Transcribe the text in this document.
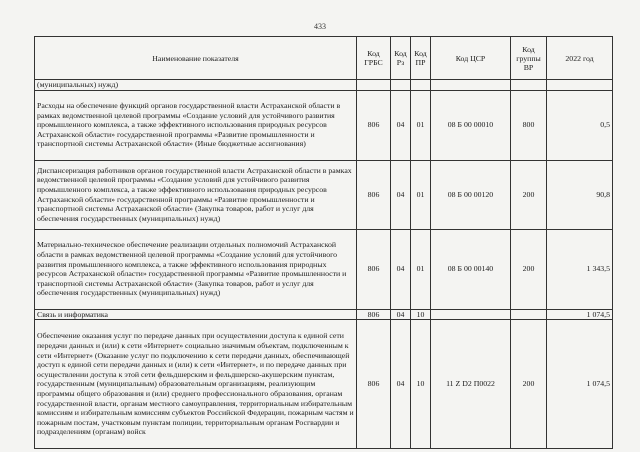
433
Наименование показателя	Код ГРБС	Код Рз	Код ПР	Код ЦСР	Код группы ВР	2022 год
(муниципальных) нужд)						
Расходы на обеспечение функций органов государственной власти Астраханской области в рамках ведомственной целевой программы «Создание условий для устойчивого развития промышленного комплекса, а также эффективного использования природных ресурсов Астраханской области» государственной программы «Развитие промышленности и транспортной системы Астраханской области» (Иные бюджетные ассигнования)	806	04	01	08 Б 00 00010	800	0,5
Диспансеризация работников органов государственной власти Астраханской области в рамках ведомственной целевой программы «Создание условий для устойчивого развития промышленного комплекса, а также эффективного использования природных ресурсов Астраханской области» государственной программы «Развитие промышленности и транспортной системы Астраханской области» (Закупка товаров, работ и услуг для обеспечения государственных (муниципальных) нужд)	806	04	01	08 Б 00 00120	200	90,8
Материально-техническое обеспечение реализации отдельных полномочий Астраханской области в рамках ведомственной целевой программы «Создание условий для устойчивого развития промышленного комплекса, а также эффективного использования природных ресурсов Астраханской области» государственной программы «Развитие промышленности и транспортной системы Астраханской области» (Закупка товаров, работ и услуг для обеспечения государственных (муниципальных) нужд)	806	04	01	08 Б 00 00140	200	1 343,5
Связь и информатика	806	04	10			1 074,5
Обеспечение оказания услуг по передаче данных при осуществлении доступа к единой сети передачи данных и (или) к сети «Интернет» социально значимым объектам, подключенным к сети «Интернет» (Оказание услуг по подключению к сети передачи данных, обеспечивающей доступ к единой сети передачи данных и (или) к сети «Интернет», и по передаче данных при осуществлении доступа к этой сети фельдшерским и фельдшерско-акушерским пунктам, государственным (муниципальным) образовательным организациям, реализующим программы общего образования и (или) среднего профессионального образования, органам государственной власти, органам местного самоуправления, территориальным избирательным комиссиям и избирательным комиссиям субъектов Российской Федерации, пожарным частям и пожарным постам, участковым пунктам полиции, территориальным органам Росгвардии и подразделениям (органам) войск	806	04	10	11 Z D2 П0022	200	1 074,5
